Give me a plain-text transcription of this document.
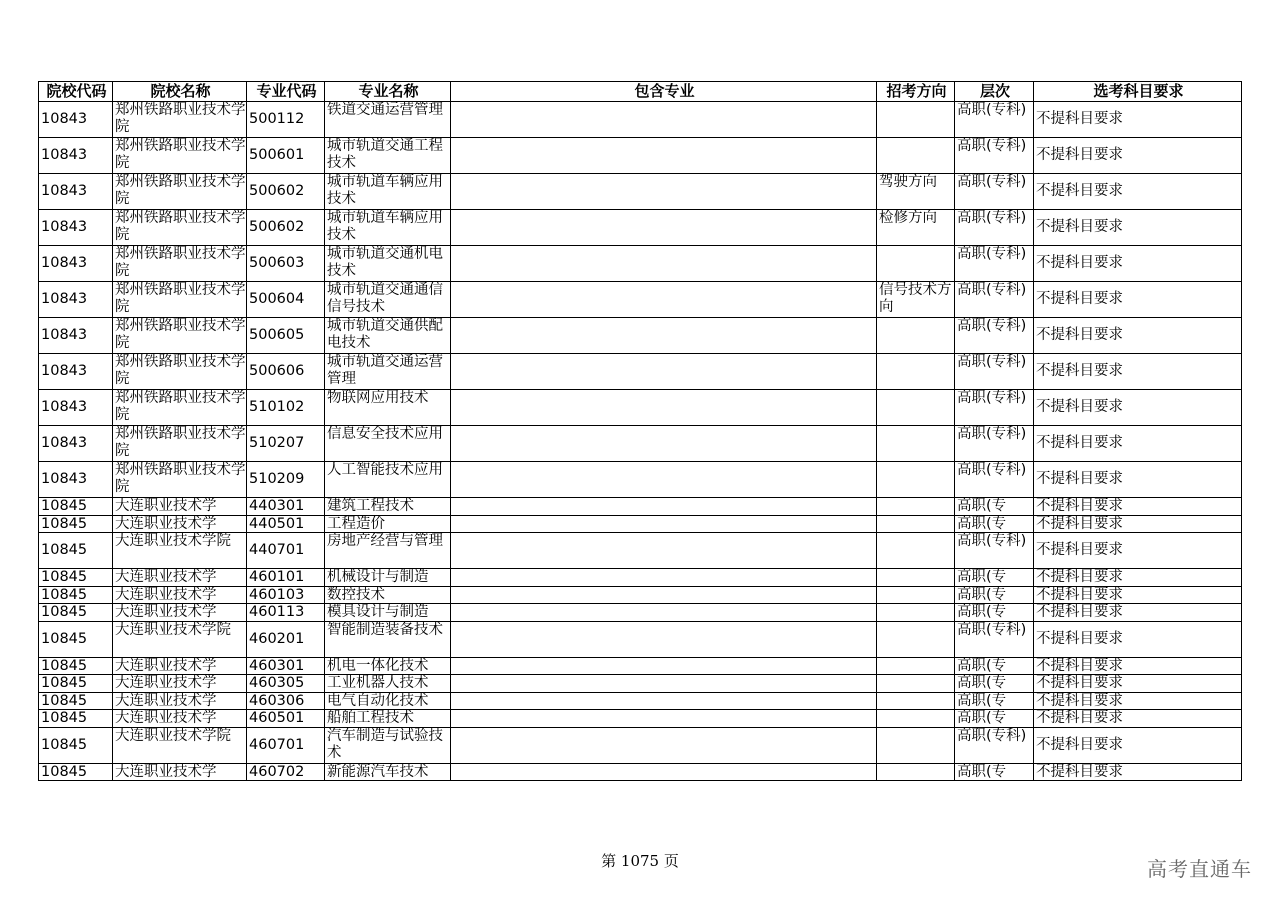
院校代码	院校名称	专业代码	专业名称	包含专业	招考方向	层次	选考科目要求
10843	郑州铁路职业技术学院	500112	铁道交通运营管理			高职(专科)	不提科目要求
10843	郑州铁路职业技术学院	500601	城市轨道交通工程技术			高职(专科)	不提科目要求
10843	郑州铁路职业技术学院	500602	城市轨道车辆应用技术		驾驶方向	高职(专科)	不提科目要求
10843	郑州铁路职业技术学院	500602	城市轨道车辆应用技术		检修方向	高职(专科)	不提科目要求
10843	郑州铁路职业技术学院	500603	城市轨道交通机电技术			高职(专科)	不提科目要求
10843	郑州铁路职业技术学院	500604	城市轨道交通通信信号技术		信号技术方向	高职(专科)	不提科目要求
10843	郑州铁路职业技术学院	500605	城市轨道交通供配电技术			高职(专科)	不提科目要求
10843	郑州铁路职业技术学院	500606	城市轨道交通运营管理			高职(专科)	不提科目要求
10843	郑州铁路职业技术学院	510102	物联网应用技术			高职(专科)	不提科目要求
10843	郑州铁路职业技术学院	510207	信息安全技术应用			高职(专科)	不提科目要求
10843	郑州铁路职业技术学院	510209	人工智能技术应用			高职(专科)	不提科目要求
10845	大连职业技术学	440301	建筑工程技术			高职(专	不提科目要求
10845	大连职业技术学	440501	工程造价			高职(专	不提科目要求
10845	大连职业技术学院	440701	房地产经营与管理			高职(专科)	不提科目要求
10845	大连职业技术学	460101	机械设计与制造			高职(专	不提科目要求
10845	大连职业技术学	460103	数控技术			高职(专	不提科目要求
10845	大连职业技术学	460113	模具设计与制造			高职(专	不提科目要求
10845	大连职业技术学院	460201	智能制造装备技术			高职(专科)	不提科目要求
10845	大连职业技术学	460301	机电一体化技术			高职(专	不提科目要求
10845	大连职业技术学	460305	工业机器人技术			高职(专	不提科目要求
10845	大连职业技术学	460306	电气自动化技术			高职(专	不提科目要求
10845	大连职业技术学	460501	船舶工程技术			高职(专	不提科目要求
10845	大连职业技术学院	460701	汽车制造与试验技术			高职(专科)	不提科目要求
10845	大连职业技术学	460702	新能源汽车技术			高职(专	不提科目要求
第 1075 页	高考直通车
